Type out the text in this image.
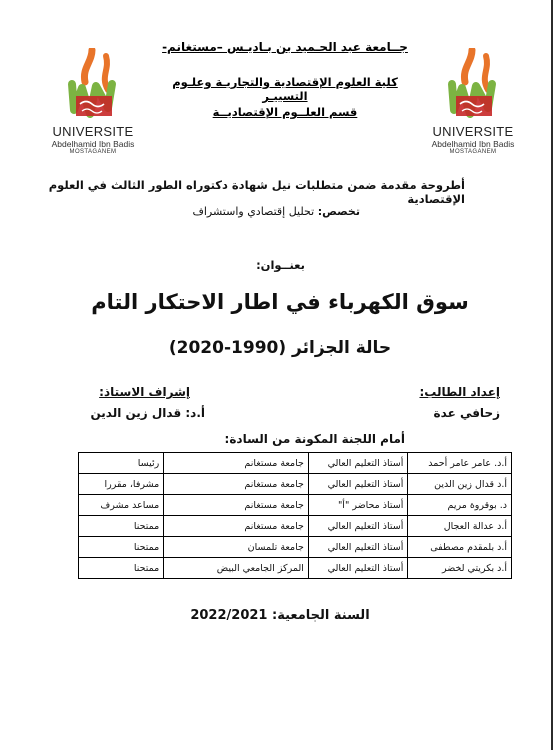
UNIVERSITE
Abdelhamid Ibn Badis
MOSTAGANEM
UNIVERSITE
Abdelhamid Ibn Badis
MOSTAGANEM
جــامعة عبد الحـميد بن بـاديـس –مستغانم-
كلية العلوم الإقتصادية والتجاريـة وعلـوم التسييـر
قسم العلــوم الإقتصاديــة
أطروحة مقدمة ضمن متطلبات نيل شهادة دكتوراه الطور الثالث في العلوم الإقتصادية
تخصص: تحليل إقتصادي واستشراف
بعنــوان:
سوق الكهرباء في اطار الاحتكار التام
حالة الجزائر (1990-2020)
إعداد الطالب:
إشراف الاستاذ:
زحافي عدة
أ.د: قدال زين الدين
أمام اللجنة المكونة من السادة:
أ.د. عامر عامر أحمد	أستاذ التعليم العالي	جامعة مستغانم	رئيسا
أ.د قدال زين الدين	أستاذ التعليم العالي	جامعة مستغانم	مشرفا، مقررا
د. بوقروة مريم	أستاذ محاضر "أ"	جامعة مستغانم	مساعد مشرف
أ.د عدالة العجال	أستاذ التعليم العالي	جامعة مستغانم	ممتحنا
أ.د بلمقدم مصطفى	أستاذ التعليم العالي	جامعة تلمسان	ممتحنا
أ.د بكريتي لخضر	أستاذ التعليم العالي	المركز الجامعي البيض	ممتحنا
السنة الجامعية: 2022/2021
